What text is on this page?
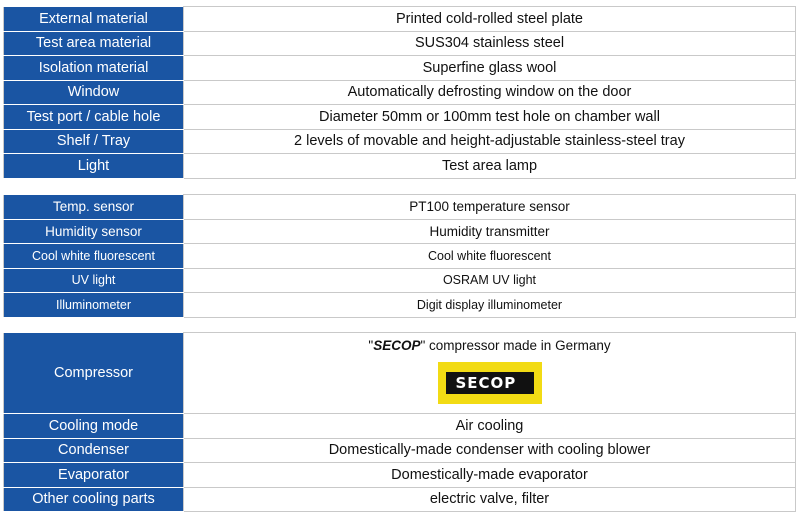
External material	Printed cold-rolled steel plate
Test area material	SUS304 stainless steel
Isolation material	Superfine glass wool
Window	Automatically defrosting window on the door
Test port / cable hole	Diameter 50mm or 100mm test hole on chamber wall
Shelf / Tray	2 levels of movable and height-adjustable stainless-steel tray
Light	Test area lamp
Temp. sensor	PT100 temperature sensor
Humidity sensor	Humidity transmitter
Cool white fluorescent	Cool white fluorescent
UV light	OSRAM UV light
Illuminometer	Digit display illuminometer
Compressor	"SECOP" compressor made in Germany
SECOP

Cooling mode	Air cooling
Condenser	Domestically-made condenser with cooling blower
Evaporator	Domestically-made evaporator
Other cooling parts	electric valve, filter
